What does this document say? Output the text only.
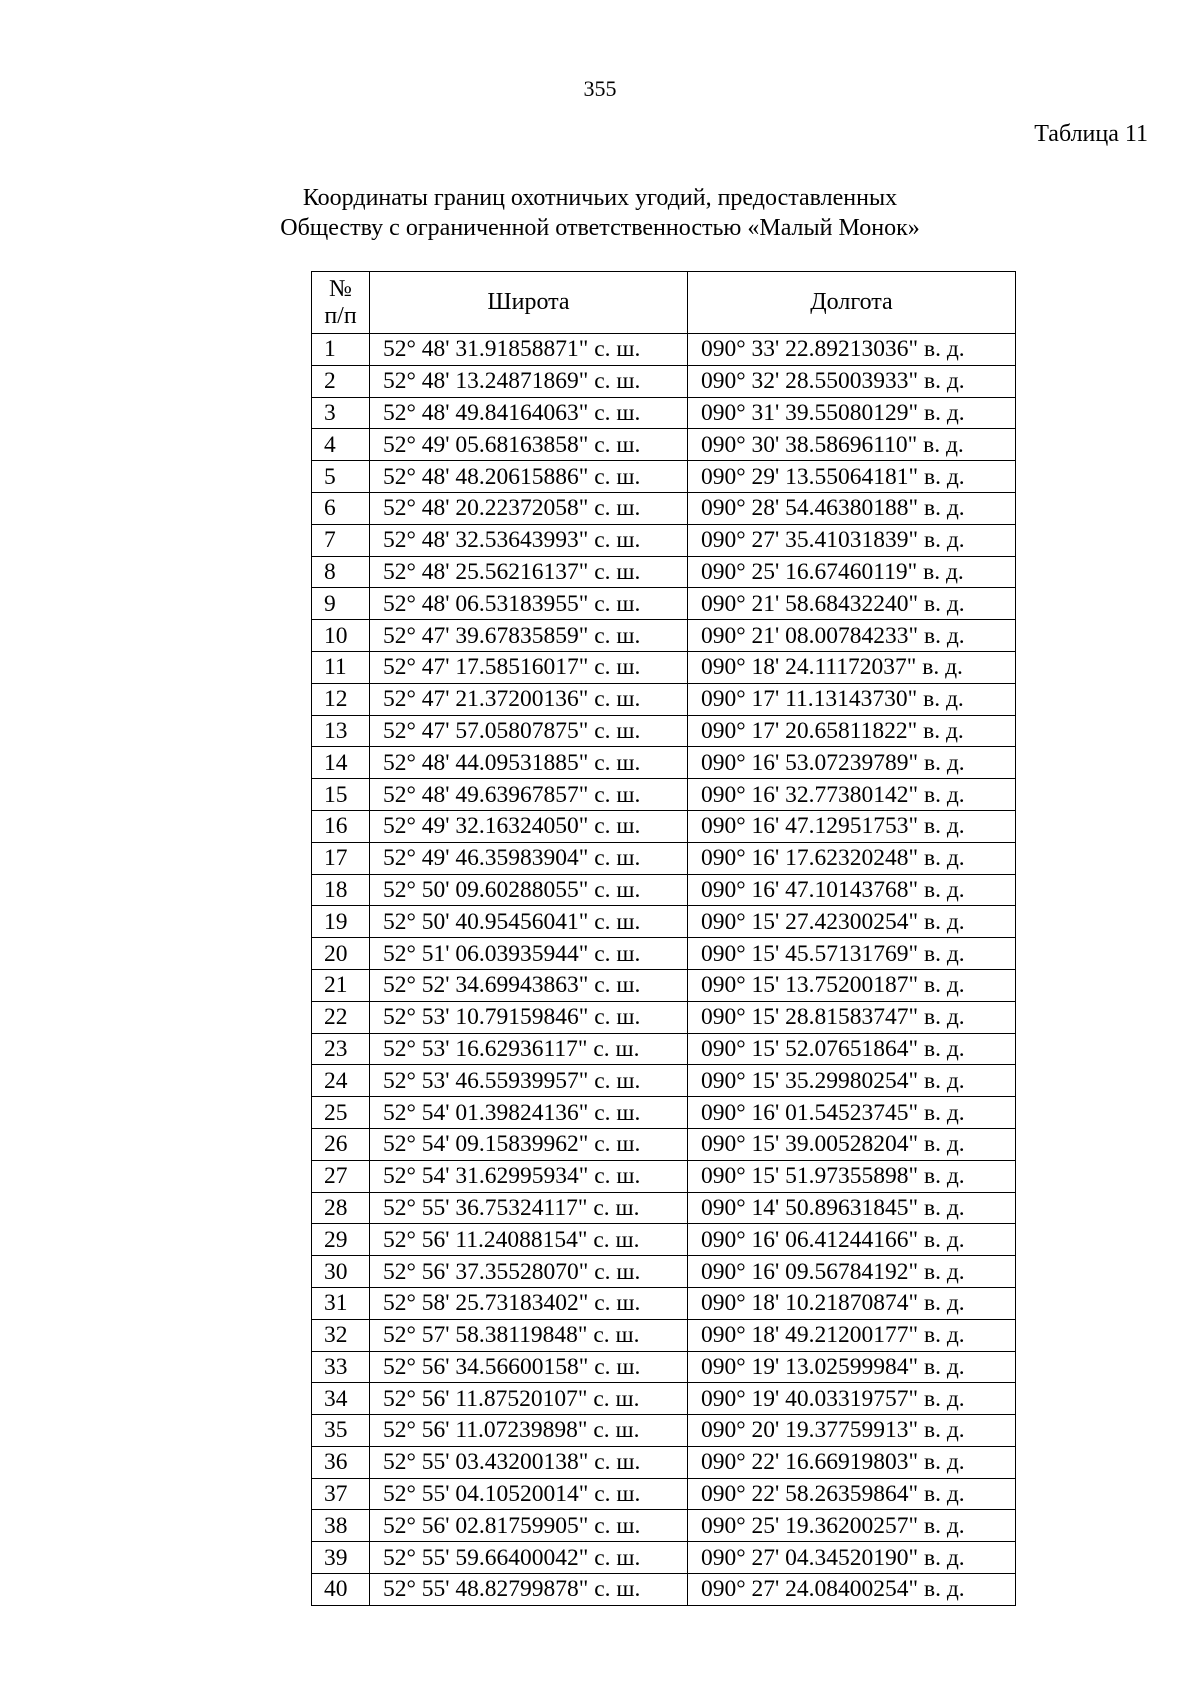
355
Таблица 11
Координаты границ охотничьих угодий, предоставленных
Обществу с ограниченной ответственностью «Малый Монок»
№
п/п	Широта	Долгота
1	52° 48' 31.91858871" с. ш.	090° 33' 22.89213036" в. д.
2	52° 48' 13.24871869" с. ш.	090° 32' 28.55003933" в. д.
3	52° 48' 49.84164063" с. ш.	090° 31' 39.55080129" в. д.
4	52° 49' 05.68163858" с. ш.	090° 30' 38.58696110" в. д.
5	52° 48' 48.20615886" с. ш.	090° 29' 13.55064181" в. д.
6	52° 48' 20.22372058" с. ш.	090° 28' 54.46380188" в. д.
7	52° 48' 32.53643993" с. ш.	090° 27' 35.41031839" в. д.
8	52° 48' 25.56216137" с. ш.	090° 25' 16.67460119" в. д.
9	52° 48' 06.53183955" с. ш.	090° 21' 58.68432240" в. д.
10	52° 47' 39.67835859" с. ш.	090° 21' 08.00784233" в. д.
11	52° 47' 17.58516017" с. ш.	090° 18' 24.11172037" в. д.
12	52° 47' 21.37200136" с. ш.	090° 17' 11.13143730" в. д.
13	52° 47' 57.05807875" с. ш.	090° 17' 20.65811822" в. д.
14	52° 48' 44.09531885" с. ш.	090° 16' 53.07239789" в. д.
15	52° 48' 49.63967857" с. ш.	090° 16' 32.77380142" в. д.
16	52° 49' 32.16324050" с. ш.	090° 16' 47.12951753" в. д.
17	52° 49' 46.35983904" с. ш.	090° 16' 17.62320248" в. д.
18	52° 50' 09.60288055" с. ш.	090° 16' 47.10143768" в. д.
19	52° 50' 40.95456041" с. ш.	090° 15' 27.42300254" в. д.
20	52° 51' 06.03935944" с. ш.	090° 15' 45.57131769" в. д.
21	52° 52' 34.69943863" с. ш.	090° 15' 13.75200187" в. д.
22	52° 53' 10.79159846" с. ш.	090° 15' 28.81583747" в. д.
23	52° 53' 16.62936117" с. ш.	090° 15' 52.07651864" в. д.
24	52° 53' 46.55939957" с. ш.	090° 15' 35.29980254" в. д.
25	52° 54' 01.39824136" с. ш.	090° 16' 01.54523745" в. д.
26	52° 54' 09.15839962" с. ш.	090° 15' 39.00528204" в. д.
27	52° 54' 31.62995934" с. ш.	090° 15' 51.97355898" в. д.
28	52° 55' 36.75324117" с. ш.	090° 14' 50.89631845" в. д.
29	52° 56' 11.24088154" с. ш.	090° 16' 06.41244166" в. д.
30	52° 56' 37.35528070" с. ш.	090° 16' 09.56784192" в. д.
31	52° 58' 25.73183402" с. ш.	090° 18' 10.21870874" в. д.
32	52° 57' 58.38119848" с. ш.	090° 18' 49.21200177" в. д.
33	52° 56' 34.56600158" с. ш.	090° 19' 13.02599984" в. д.
34	52° 56' 11.87520107" с. ш.	090° 19' 40.03319757" в. д.
35	52° 56' 11.07239898" с. ш.	090° 20' 19.37759913" в. д.
36	52° 55' 03.43200138" с. ш.	090° 22' 16.66919803" в. д.
37	52° 55' 04.10520014" с. ш.	090° 22' 58.26359864" в. д.
38	52° 56' 02.81759905" с. ш.	090° 25' 19.36200257" в. д.
39	52° 55' 59.66400042" с. ш.	090° 27' 04.34520190" в. д.
40	52° 55' 48.82799878" с. ш.	090° 27' 24.08400254" в. д.
